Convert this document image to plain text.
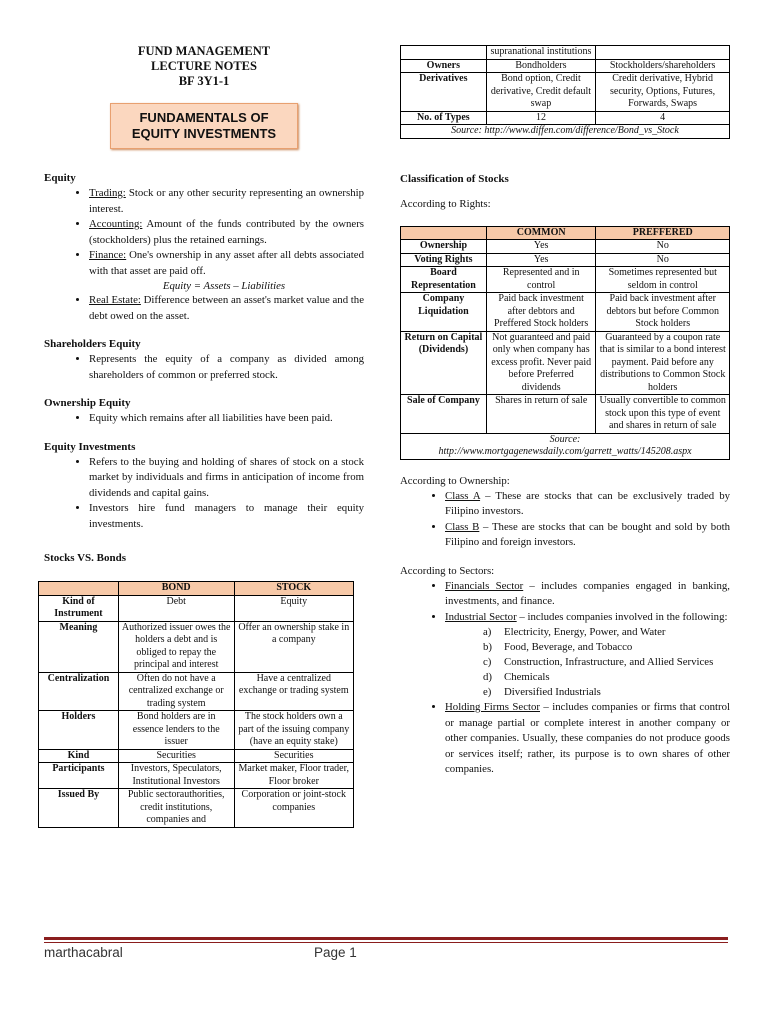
FUND MANAGEMENT
LECTURE NOTES
BF 3Y1-1
FUNDAMENTALS OF
EQUITY INVESTMENTS
Equity
• Trading: Stock or any other security representing an ownership interest.
• Accounting: Amount of the funds contributed by the owners (stockholders) plus the retained earnings.
• Finance: One's ownership in any asset after all debts associated with that asset are paid off.
Equity = Assets – Liabilities
• Real Estate: Difference between an asset's market value and the debt owed on the asset.
Shareholders Equity
• Represents the equity of a company as divided among shareholders of common or preferred stock.
Ownership Equity
• Equity which remains after all liabilities have been paid.
Equity Investments
• Refers to the buying and holding of shares of stock on a stock market by individuals and firms in anticipation of income from dividends and capital gains.
• Investors hire fund managers to manage their equity investments.
Stocks VS. Bonds
	BOND	STOCK
Kind of Instrument	Debt	Equity
Meaning	Authorized issuer owes the holders a debt and is obliged to repay the principal and interest	Offer an ownership stake in a company
Centralization	Often do not have a centralized exchange or trading system	Have a centralized exchange or trading system
Holders	Bond holders are in essence lenders to the issuer	The stock holders own a part of the issuing company (have an equity stake)
Kind	Securities	Securities
Participants	Investors, Speculators, Institutional Investors	Market maker, Floor trader, Floor broker
Issued By	Public sectorauthorities, credit institutions, companies and	Corporation or joint-stock companies
	supranational institutions	
Owners	Bondholders	Stockholders/shareholders
Derivatives	Bond option, Credit derivative, Credit default swap	Credit derivative, Hybrid security, Options, Futures, Forwards, Swaps
No. of Types	12	4
Source: http://www.diffen.com/difference/Bond_vs_Stock		
Classification of Stocks

According to Rights:

	COMMON	PREFFERED
Ownership	Yes	No
Voting Rights	Yes	No
Board Representation	Represented and in control	Sometimes represented but seldom in control
Company Liquidation	Paid back investment after debtors and Preffered Stock holders	Paid back investment after debtors but before Common Stock holders
Return on Capital (Dividends)	Not guaranteed and paid only when company has excess profit. Never paid before Preferred dividends	Guaranteed by a coupon rate that is similar to a bond interest payment. Paid before any distributions to Common Stock holders
Sale of Company	Shares in return of sale	Usually convertible to common stock upon this type of event and shares in return of sale

Source:
http://www.mortgagenewsdaily.com/garrett_watts/145208.aspx		

According to Ownership:

• Class A – These are stocks that can be exclusively traded by Filipino investors.
• Class B – These are stocks that can be bought and sold by both Filipino and foreign investors.

According to Sectors:

• Financials Sector – includes companies engaged in banking, investments, and finance.
• Industrial Sector – includes companies involved in the following:
a) Electricity, Energy, Power, and Water
b) Food, Beverage, and Tobacco
c)	Construction, Infrastructure, and Allied Services
d) Chemicals
e) Diversified Industrials
• Holding Firms Sector – includes companies or firms that control or manage partial or complete interest in another company or other companies. Usually, these companies do not produce goods or services itself; rather, its purpose is to own shares of other companies.
marthacabral	Page 1
